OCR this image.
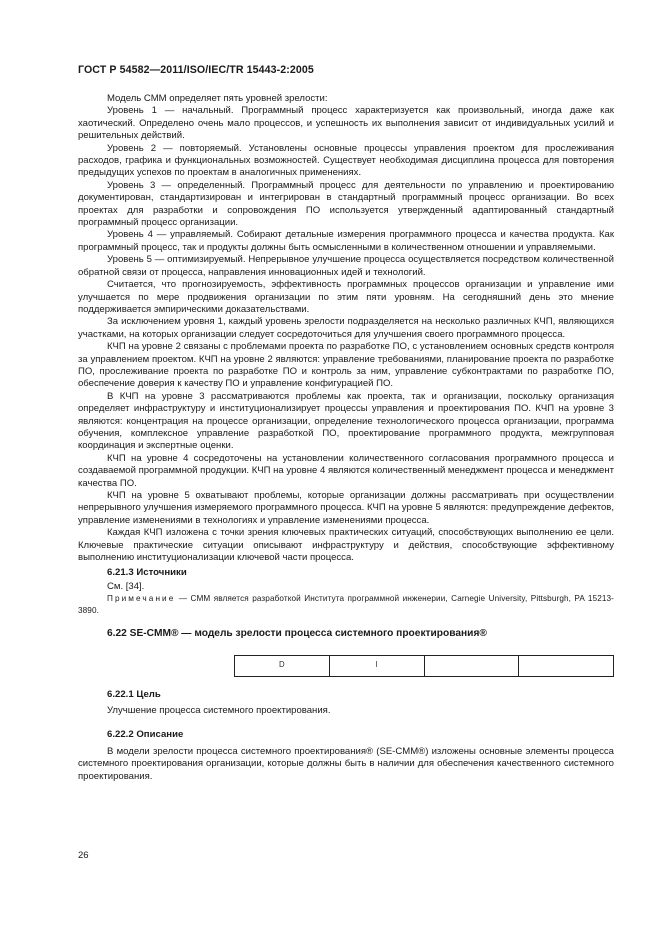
ГОСТ Р 54582—2011/ISO/IEC/TR 15443-2:2005

Модель СММ определяет пять уровней зрелости:

Уровень 1 — начальный. Программный процесс характеризуется как произвольный, иногда даже как хаотический. Определено очень мало процессов, и успешность их выполнения зависит от индивидуальных усилий и решительных действий.

Уровень 2 — повторяемый. Установлены основные процессы управления проектом для прослеживания расходов, графика и функциональных возможностей. Существует необходимая дисциплина процесса для повторения предыдущих успехов по проектам в аналогичных применениях.

Уровень 3 — определенный. Программный процесс для деятельности по управлению и проектированию документирован, стандартизирован и интегрирован в стандартный программный процесс организации. Во всех проектах для разработки и сопровождения ПО используется утвержденный адаптированный стандартный программный процесс организации.

Уровень 4 — управляемый. Собирают детальные измерения программного процесса и качества продукта. Как программный процесс, так и продукты должны быть осмысленными в количественном отношении и управляемыми.

Уровень 5 — оптимизируемый. Непрерывное улучшение процесса осуществляется посредством количественной обратной связи от процесса, направления инновационных идей и технологий.

Считается, что прогнозируемость, эффективность программных процессов организации и управление ими улучшается по мере продвижения организации по этим пяти уровням. На сегодняшний день это мнение поддерживается эмпирическими доказательствами.

За исключением уровня 1, каждый уровень зрелости подразделяется на несколько различных КЧП, являющихся участками, на которых организации следует сосредоточиться для улучшения своего программного процесса.

КЧП на уровне 2 связаны с проблемами проекта по разработке ПО, с установлением основных средств контроля за управлением проектом. КЧП на уровне 2 являются: управление требованиями, планирование проекта по разработке ПО, прослеживание проекта по разработке ПО и контроль за ним, управление субконтрактами по разработке ПО, обеспечение доверия к качеству ПО и управление конфигурацией ПО.

В КЧП на уровне 3 рассматриваются проблемы как проекта, так и организации, поскольку организация определяет инфраструктуру и институционализирует процессы управления и проектирования ПО. КЧП на уровне 3 являются: концентрация на процессе организации, определение технологического процесса организации, программа обучения, комплексное управление разработкой ПО, проектирование программного продукта, межгрупповая координация и экспертные оценки.

КЧП на уровне 4 сосредоточены на установлении количественного согласования программного процесса и создаваемой программной продукции. КЧП на уровне 4 являются количественный менеджмент процесса и менеджмент качества ПО.

КЧП на уровне 5 охватывают проблемы, которые организации должны рассматривать при осуществлении непрерывного улучшения измеряемого программного процесса. КЧП на уровне 5 являются: предупреждение дефектов, управление изменениями в технологиях и управление изменениями процесса.

Каждая КЧП изложена с точки зрения ключевых практических ситуаций, способствующих выполнению ее цели. Ключевые практические ситуации описывают инфраструктуру и действия, способствующие эффективному выполнению институционализации ключевой части процесса.

6.21.3 Источники

См. [34].

Примечание — СММ является разработкой Института программной инженерии, Carnegie University, Pittsburgh, PA 15213-3890.

6.22 SE-CMM® — модель зрелости процесса системного проектирования®
D	I		
6.22.1 Цель

Улучшение процесса системного проектирования.

6.22.2 Описание

В модели зрелости процесса системного проектирования® (SE-CMM®) изложены основные элементы процесса системного проектирования организации, которые должны быть в наличии для обеспечения качественного системного проектирования.

26
